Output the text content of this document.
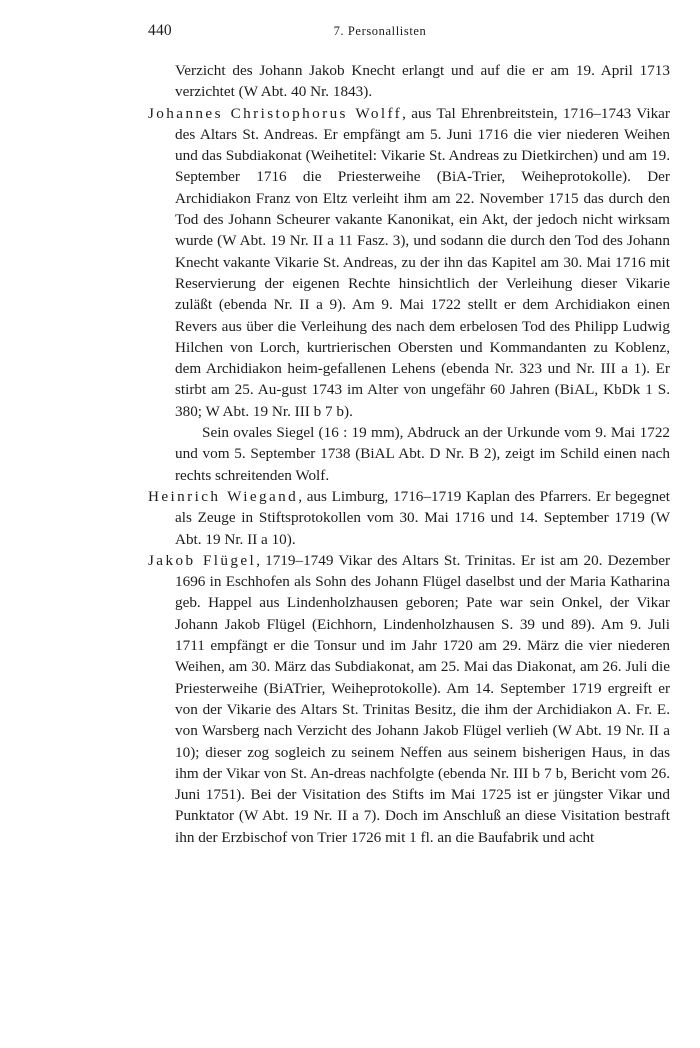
440	7. Personallisten

Verzicht des Johann Jakob Knecht erlangt und auf die er am 19. April 1713 verzichtet (W Abt. 40 Nr. 1843).

Johannes Christophorus Wolff, aus Tal Ehrenbreitstein, 1716–1743 Vikar des Altars St. Andreas. Er empfängt am 5. Juni 1716 die vier niederen Weihen und das Subdiakonat (Weihetitel: Vikarie St. Andreas zu Dietkirchen) und am 19. September 1716 die Priesterweihe (BiA-Trier, Weiheprotokolle). Der Archidiakon Franz von Eltz verleiht ihm am 22. November 1715 das durch den Tod des Johann Scheurer vakante Kanonikat, ein Akt, der jedoch nicht wirksam wurde (W Abt. 19 Nr. II a 11 Fasz. 3), und sodann die durch den Tod des Johann Knecht vakante Vikarie St. Andreas, zu der ihn das Kapitel am 30. Mai 1716 mit Reservierung der eigenen Rechte hinsichtlich der Verleihung dieser Vikarie zuläßt (ebenda Nr. II a 9). Am 9. Mai 1722 stellt er dem Archidiakon einen Revers aus über die Verleihung des nach dem erbelosen Tod des Philipp Ludwig Hilchen von Lorch, kurtrierischen Obersten und Kommandanten zu Koblenz, dem Archidiakon heim-gefallenen Lehens (ebenda Nr. 323 und Nr. III a 1). Er stirbt am 25. Au-gust 1743 im Alter von ungefähr 60 Jahren (BiAL, KbDk 1 S. 380; W Abt. 19 Nr. III b 7 b).

Sein ovales Siegel (16 : 19 mm), Abdruck an der Urkunde vom 9. Mai 1722 und vom 5. September 1738 (BiAL Abt. D Nr. B 2), zeigt im Schild einen nach rechts schreitenden Wolf.

Heinrich Wiegand, aus Limburg, 1716–1719 Kaplan des Pfarrers. Er begegnet als Zeuge in Stiftsprotokollen vom 30. Mai 1716 und 14. September 1719 (W Abt. 19 Nr. II a 10).

Jakob Flügel, 1719–1749 Vikar des Altars St. Trinitas. Er ist am 20. Dezember 1696 in Eschhofen als Sohn des Johann Flügel daselbst und der Maria Katharina geb. Happel aus Lindenholzhausen geboren; Pate war sein Onkel, der Vikar Johann Jakob Flügel (Eichhorn, Lindenholzhausen S. 39 und 89). Am 9. Juli 1711 empfängt er die Tonsur und im Jahr 1720 am 29. März die vier niederen Weihen, am 30. März das Subdiakonat, am 25. Mai das Diakonat, am 26. Juli die Priesterweihe (BiATrier, Weiheprotokolle). Am 14. September 1719 ergreift er von der Vikarie des Altars St. Trinitas Besitz, die ihm der Archidiakon A. Fr. E. von Warsberg nach Verzicht des Johann Jakob Flügel verlieh (W Abt. 19 Nr. II a 10); dieser zog sogleich zu seinem Neffen aus seinem bisherigen Haus, in das ihm der Vikar von St. An-dreas nachfolgte (ebenda Nr. III b 7 b, Bericht vom 26. Juni 1751). Bei der Visitation des Stifts im Mai 1725 ist er jüngster Vikar und Punktator (W Abt. 19 Nr. II a 7). Doch im Anschluß an diese Visitation bestraft ihn der Erzbischof von Trier 1726 mit 1 fl. an die Baufabrik und acht
